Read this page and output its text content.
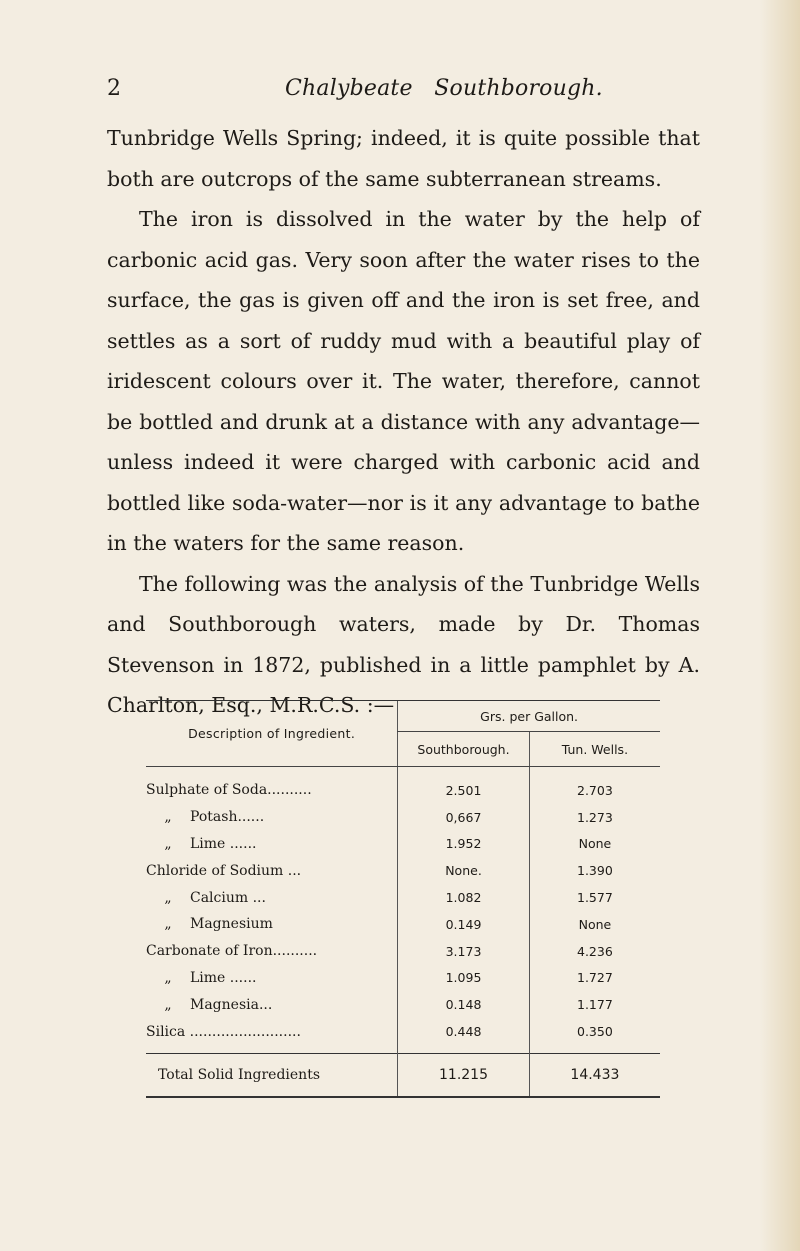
2	Chalybeate   Southborough.

Tunbridge Wells Spring; indeed, it is quite possible that both are outcrops of the same subterranean streams.

The iron is dissolved in the water by the help of carbonic acid gas. Very soon after the water rises to the surface, the gas is given off and the iron is set free, and settles as a sort of ruddy mud with a beautiful play of iridescent colours over it. The water, therefore, cannot be bottled and drunk at a distance with any advantage— unless indeed it were charged with carbonic acid and bottled like soda-water—nor is it any advantage to bathe in the waters for the same reason.

The following was the analysis of the Tunbridge Wells and Southborough waters, made by Dr. Thomas Stevenson in 1872, published in a little pamphlet by A. Charlton, Esq., M.R.C.S. :—

Description of Ingredient.	Grs. per Gallon.	
	Southborough.	Tun. Wells.
Sulphate of Soda..........	2.501	2.703
„ Potash......	0,667	1.273
„ Lime ......	1.952	None
Chloride of Sodium ...	None.	1.390
„ Calcium ...	1.082	1.577
„ Magnesium	0.149	None
Carbonate of Iron..........	3.173	4.236
„ Lime ......	1.095	1.727
„ Magnesia...	0.148	1.177
Silica .........................	0.448	0.350
Total Solid Ingredients	11.215	14.433
